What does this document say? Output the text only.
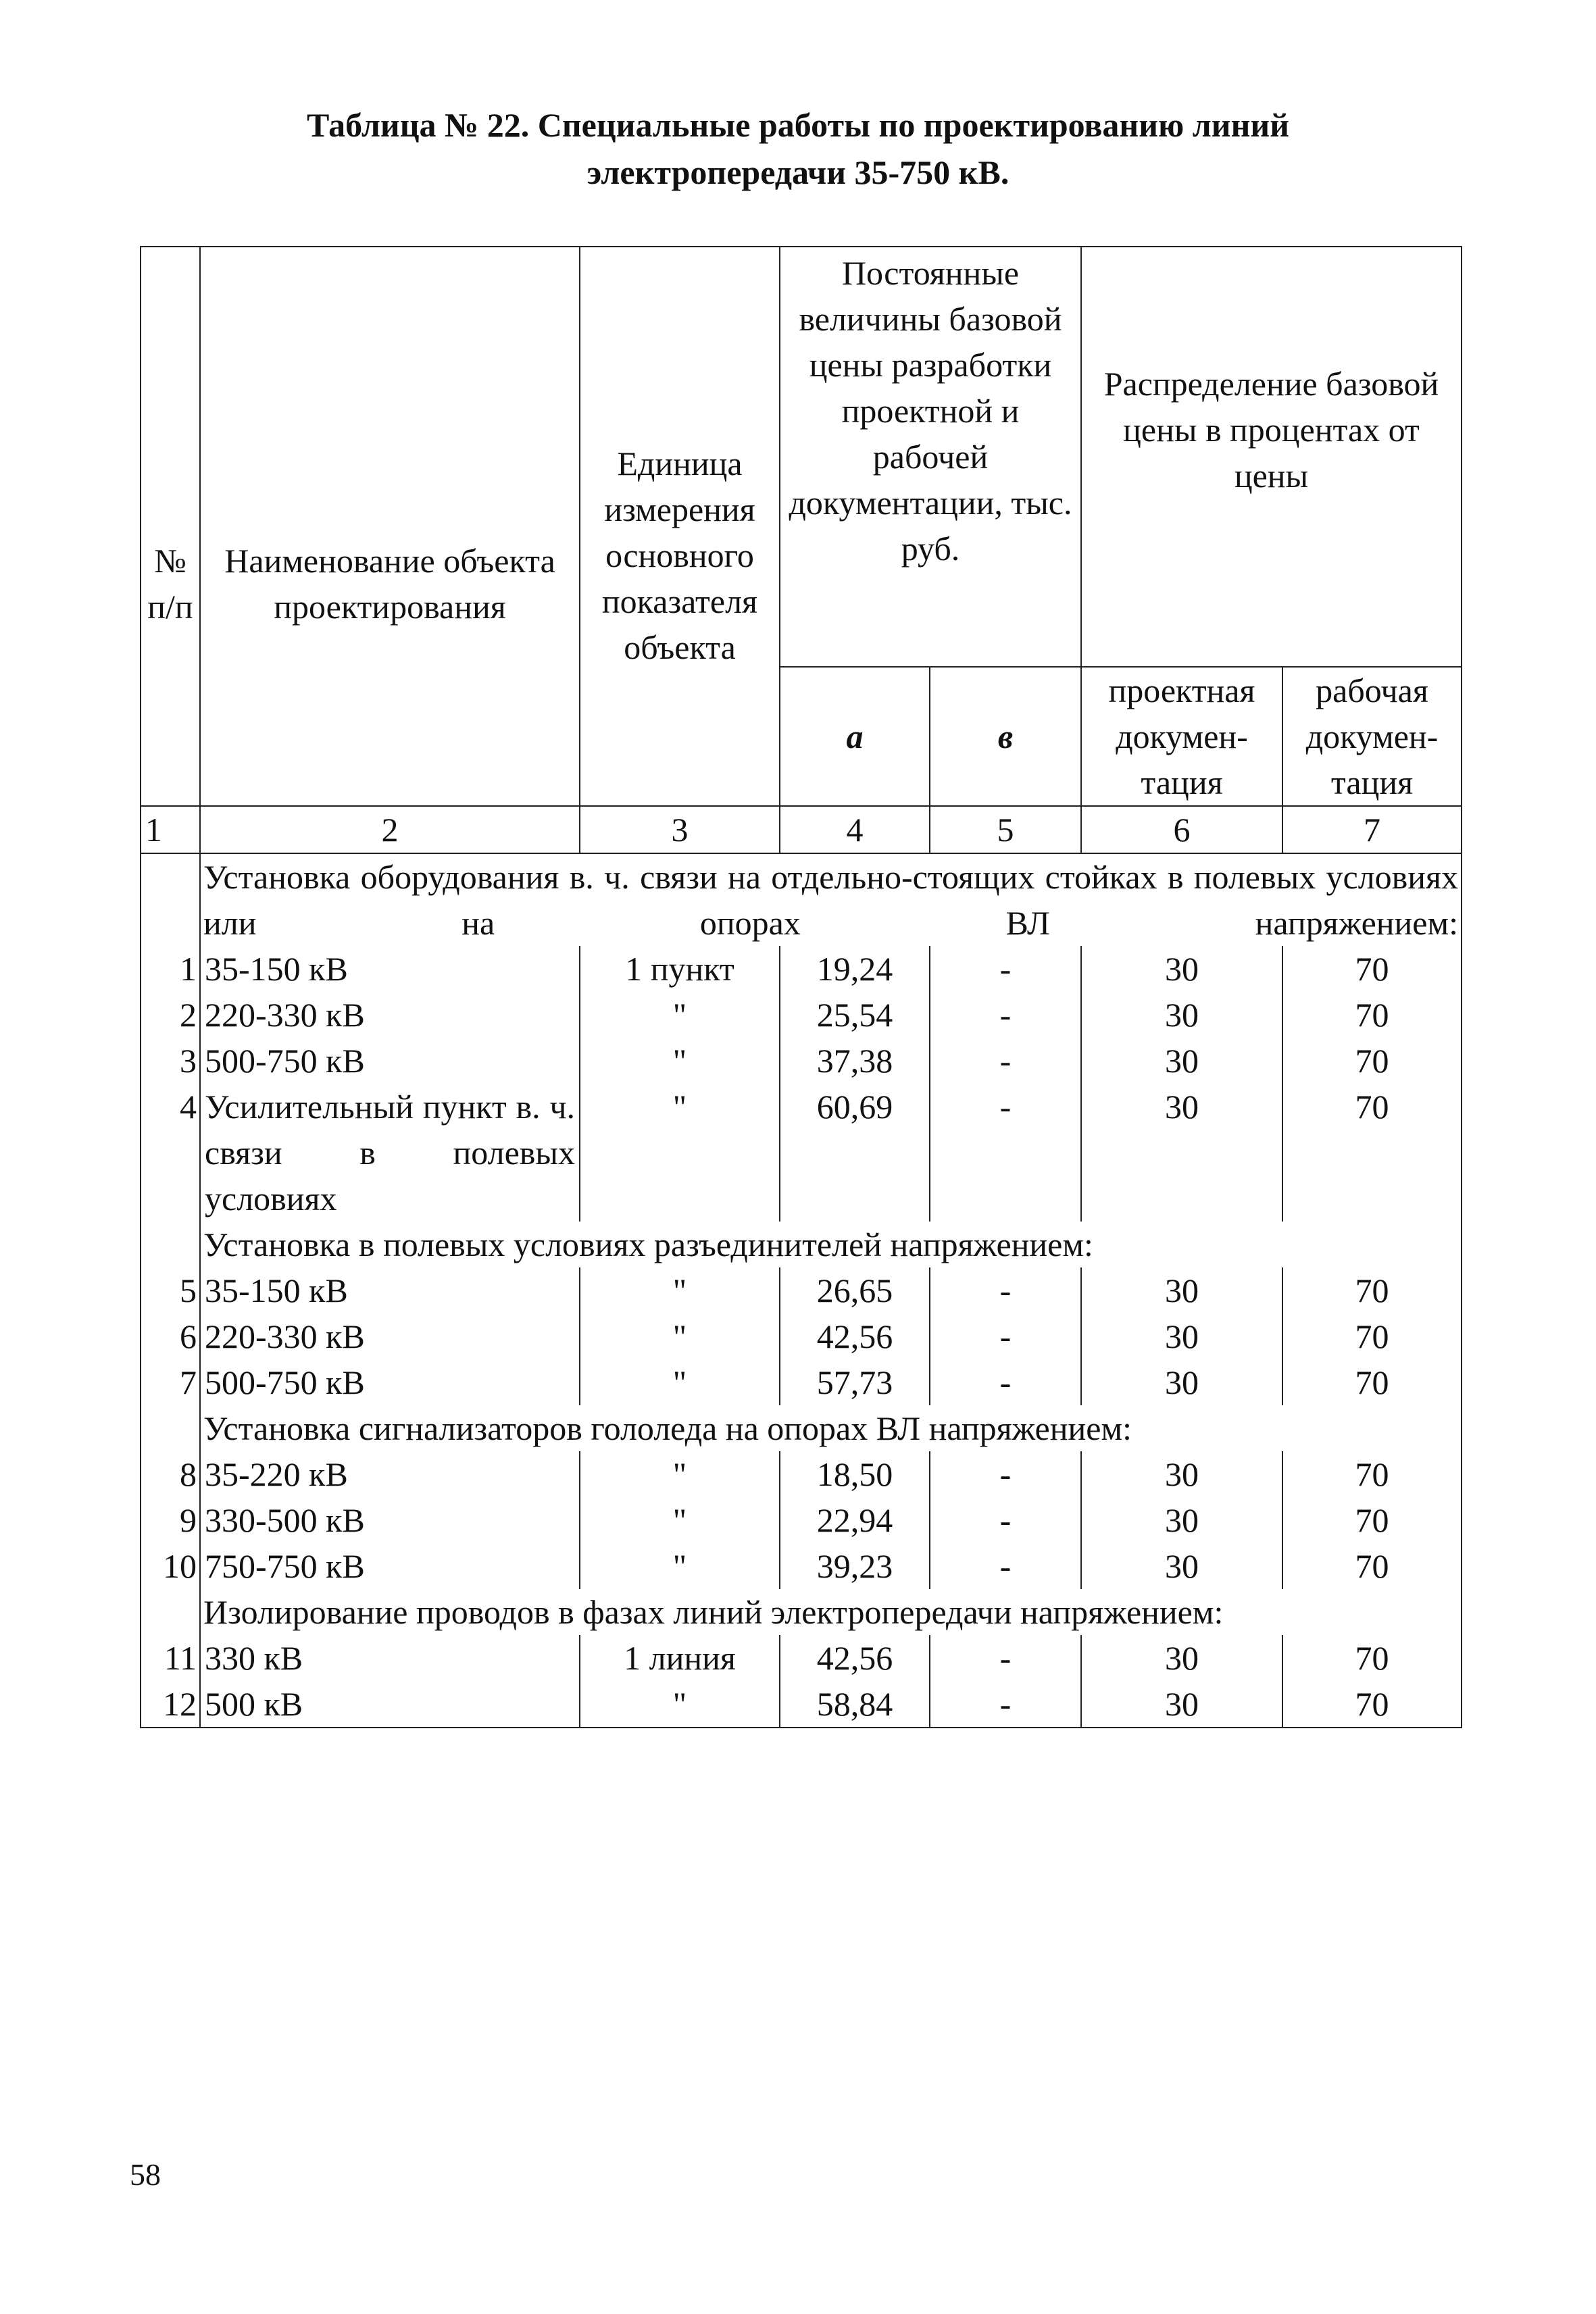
Таблица № 22. Специальные работы по проектированию линий
электропередачи 35-750 кВ.
№ п/п	Наименование объекта проектирования	Единица измерения основного показателя объекта	Постоянные величины базовой цены разработки проектной и рабочей документации, тыс. руб.		Распределение базовой цены в процентах от цены	
			а	в	проектная докумен-тация	рабочая докумен-тация
1	2	3	4	5	6	7
	Установка оборудования в. ч. связи на отдельно-стоящих стойках в полевых условиях или на опорах ВЛ напряжением:					
1	35-150 кВ	1 пункт	19,24	-	30	70
2	220-330 кВ	"	25,54	-	30	70
3	500-750 кВ	"	37,38	-	30	70
4	Усилительный пункт в. ч. связи в полевых условиях	"	60,69	-	30	70
	Установка в полевых условиях разъединителей напряжением:					
5	35-150 кВ	"	26,65	-	30	70
6	220-330 кВ	"	42,56	-	30	70
7	500-750 кВ	"	57,73	-	30	70
	Установка сигнализаторов гололеда на опорах ВЛ напряжением:					
8	35-220 кВ	"	18,50	-	30	70
9	330-500 кВ	"	22,94	-	30	70
10	750-750 кВ	"	39,23	-	30	70
	Изолирование проводов в фазах линий электропередачи напряжением:					
11	330 кВ	1 линия	42,56	-	30	70
12	500 кВ	"	58,84	-	30	70
58
